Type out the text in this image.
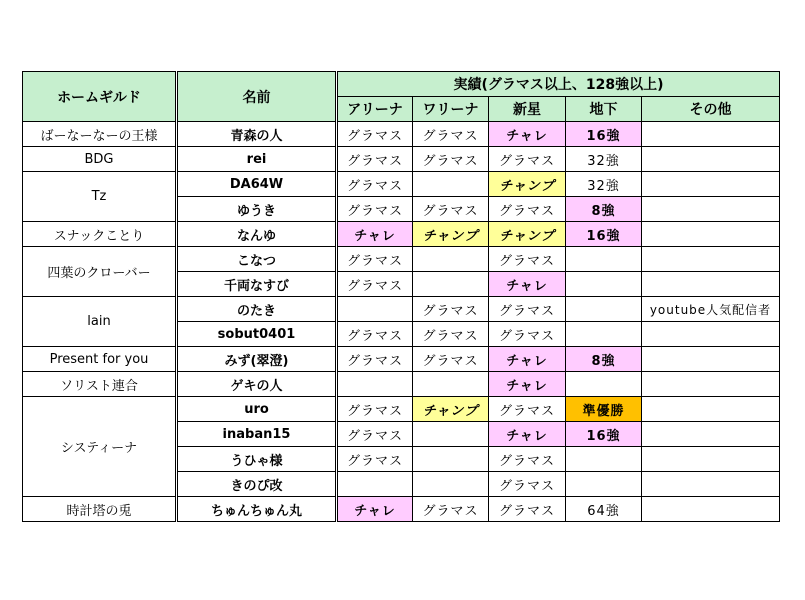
ホームギルド	名前	実績(グラマス以上、128強以上)				
		アリーナ	ワリーナ	新星	地下	その他
ばーなーなーの王様	青森の人	グラマス	グラマス	チャレ	16強	
BDG	rei	グラマス	グラマス	グラマス	32強	
Tz	DA64W	グラマス		チャンプ	32強	
	ゆうき	グラマス	グラマス	グラマス	8強	
スナックことり	なんゆ	チャレ	チャンプ	チャンプ	16強	
四葉のクローバー	こなつ	グラマス		グラマス		
	千両なすび	グラマス		チャレ		
lain	のたき		グラマス	グラマス		youtube人気配信者
	sobut0401	グラマス	グラマス	グラマス		
Present for you	みず(翠澄)	グラマス	グラマス	チャレ	8強	
ソリスト連合	ゲキの人			チャレ		
システィーナ	uro	グラマス	チャンプ	グラマス	準優勝	
	inaban15	グラマス		チャレ	16強	
	うひゃ様	グラマス		グラマス		
	きのぴ改			グラマス		
時計塔の兎	ちゅんちゅん丸	チャレ	グラマス	グラマス	64強	
